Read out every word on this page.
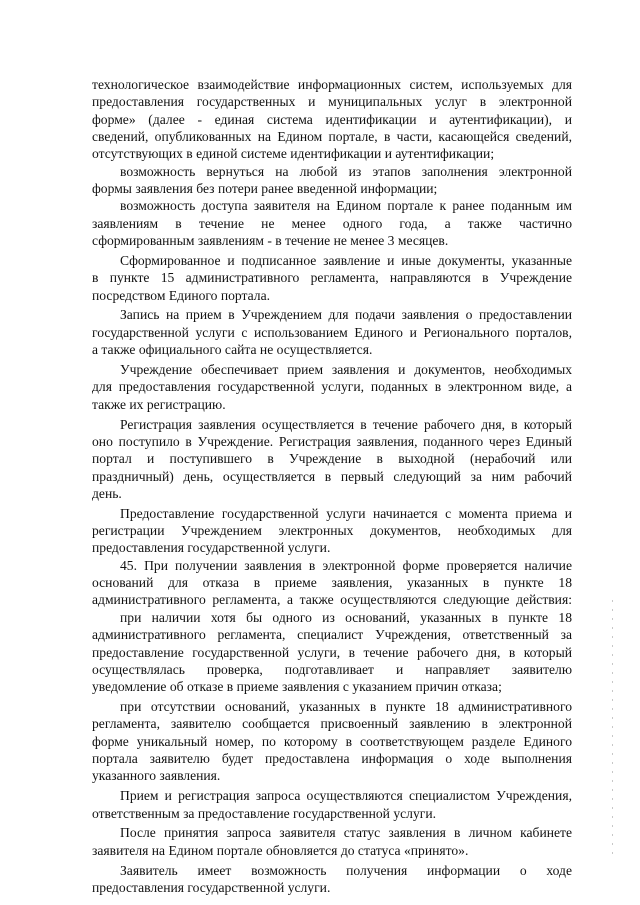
технологическое взаимодействие информационных систем, используемых для
предоставления государственных и муниципальных услуг в электронной
форме» (далее - единая система идентификации и аутентификации), и
сведений, опубликованных на Едином портале, в части, касающейся сведений,
отсутствующих в единой системе идентификации и аутентификации;
возможность вернуться на любой из этапов заполнения электронной
формы заявления без потери ранее введенной информации;
возможность доступа заявителя на Едином портале к ранее поданным им
заявлениям в течение не менее одного года, а также частично
сформированным заявлениям - в течение не менее 3 месяцев.
Сформированное и подписанное заявление и иные документы, указанные
в пункте 15 административного регламента, направляются в Учреждение
посредством Единого портала.
Запись на прием в Учреждением для подачи заявления о предоставлении
государственной услуги с использованием Единого и Регионального порталов,
а также официального сайта не осуществляется.
Учреждение обеспечивает прием заявления и документов, необходимых
для предоставления государственной услуги, поданных в электронном виде, а
также их регистрацию.
Регистрация заявления осуществляется в течение рабочего дня, в который
оно поступило в Учреждение. Регистрация заявления, поданного через Единый
портал и поступившего в Учреждение в выходной (нерабочий или
праздничный) день, осуществляется в первый следующий за ним рабочий
день.
Предоставление государственной услуги начинается с момента приема и
регистрации Учреждением электронных документов, необходимых для
предоставления государственной услуги.
45. При получении заявления в электронной форме проверяется наличие
оснований для отказа в приеме заявления, указанных в пункте 18
административного регламента, а также осуществляются следующие действия:
при наличии хотя бы одного из оснований, указанных в пункте 18
административного регламента, специалист Учреждения, ответственный за
предоставление государственной услуги, в течение рабочего дня, в который
осуществлялась проверка, подготавливает и направляет заявителю
уведомление об отказе в приеме заявления с указанием причин отказа;
при отсутствии оснований, указанных в пункте 18 административного
регламента, заявителю сообщается присвоенный заявлению в электронной
форме уникальный номер, по которому в соответствующем разделе Единого
портала заявителю будет предоставлена информация о ходе выполнения
указанного заявления.
Прием и регистрация запроса осуществляются специалистом Учреждения,
ответственным за предоставление государственной услуги.
После принятия запроса заявителя статус заявления в личном кабинете
заявителя на Едином портале обновляется до статуса «принято».
Заявитель имеет возможность получения информации о ходе
предоставления государственной услуги.
